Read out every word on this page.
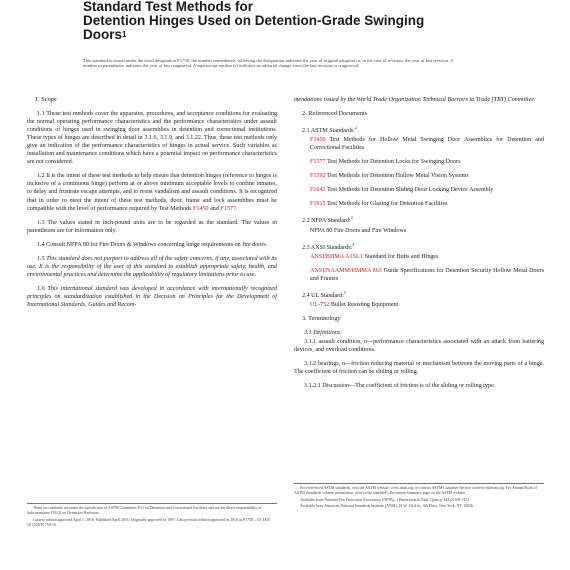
Standard Test Methods for
Detention Hinges Used on Detention-Grade Swinging
Doors$^1$
This standard is issued under the fixed designation F1758; the number immediately following the designation indicates the year of original adoption or, in the case of revision, the year of last revision. A number in parentheses indicates the year of last reapproval. A superscript epsilon (ε) indicates an editorial change since the last revision or reapproval.
1. Scope

1.1 These test methods cover the apparatus, procedures, and acceptance conditions for evaluating the normal operating performance characteristics and the performance characteristics under assault conditions of hinges used in swinging door assemblies in detention and correctional institutions. These types of hinges are described in detail in 3.1.6, 3.1.9, and 3.1.22. Thus, these test methods only give an indication of the performance characteristics of hinges in actual service. Such variables as installation and maintenance conditions which have a potential impact on performance characteristics are not considered.

1.2 It is the intent of these test methods to help ensure that detention hinges (reference to hinges is inclusive of a continuous hinge) perform at or above minimum acceptable levels to confine inmates, to delay and frustrate escape attempts, and to resist vandalism and assault conditions. It is recognized that in order to meet the intent of these test methods, door, frame and lock assemblies must be compatible with the level of performance required by Test Methods F1450 and F1577.

1.3 The values stated in inch-pound units are to be regarded as the standard. The values in parentheses are for information only.

1.4 Consult NFPA 80 for Fire Doors & Windows concerning hinge requirements on fire doors.

1.5 This standard does not purport to address all of the safety concerns, if any, associated with its use. It is the responsibility of the user of this standard to establish appropriate safety, health, and environmental practices and determine the applicability of regulatory limitations prior to use.

1.6 This international standard was developed in accordance with internationally recognized principles on standardization established in the Decision on Principles for the Development of International Standards, Guides and Recom-

These test methods are under the jurisdiction of ASTM Committee F33 on Detention and Correctional Facilities and are the direct responsibility of Subcommittee F33.02 on Detention Hardware.

Current edition approved April 1, 2016. Published April 2016. Originally approved in 1997. Last previous edition approved in 2010 as F1758 – 10. DOI: 10.1520/F1758-16.

mendations issued by the World Trade Organization Technical Barriers to Trade (TBT) Committee.

2. Referenced Documents

2.1 ASTM Standards:$^2$

F1450 Test Methods for Hollow Metal Swinging Door Assemblies for Detention and Correctional Facilities

F1577 Test Methods for Detention Locks for Swinging Doors

F1592 Test Methods for Detention Hollow Metal Vision Systems

F1643 Test Methods for Detention Sliding Door Locking Device Assembly

F1915 Test Methods for Glazing for Detention Facilities

2.2 NFPA Standard:$^3$

NFPA 80 Fire Doors and Fire Windows

2.3 ANSI Standards:$^4$

ANSI/BHMA A156.1 Standard for Butts and Hinges

ANSI/NAAMM/HMMA 863 Guide Specifications for Detention Security Hollow Metal Doors and Frames

2.4 UL Standard:$^5$

UL-752 Bullet Resisting Equipment

3. Terminology

3.1 Definitions:

3.1.1 assault condition, n—performance characteristics associated with an attack from battering devices, and overload conditions.

3.1.2 bearings, n—friction reducing material or mechanism between the moving parts of a hinge. The coefficient of friction can be sliding or rolling.

3.1.2.1 Discussion—The coefficient of friction is of the sliding or rolling type.

For referenced ASTM standards, visit the ASTM website, www.astm.org, or contact ASTM Customer Service at service@astm.org. For Annual Book of ASTM Standards volume information, refer to the standard's Document Summary page on the ASTM website.

Available from National Fire Protection Association (NFPA), 1 Batterymarch Park, Quincy, MA 02169-7471.

Available from American National Standards Institute (ANSI), 25 W. 43rd St., 4th Floor, New York, NY 10036.
